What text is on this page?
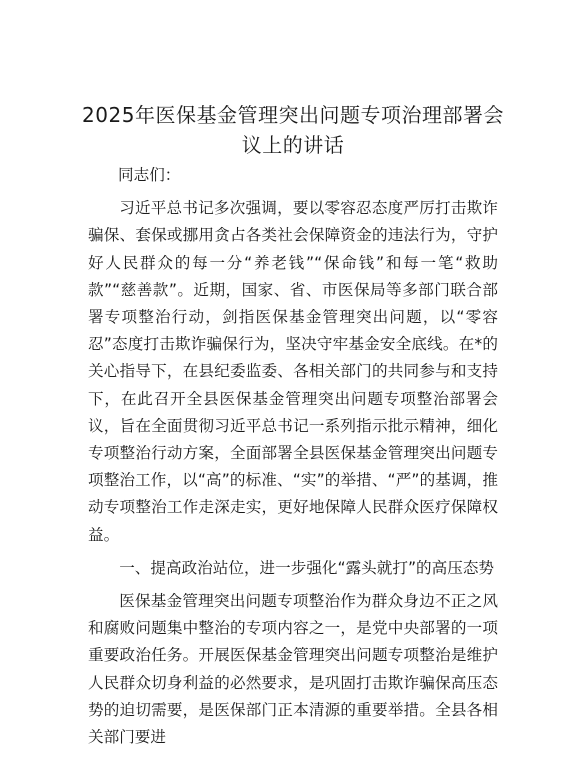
2025年医保基金管理突出问题专项治理部署会议上的讲话

同志们：

习近平总书记多次强调，要以零容忍态度严厉打击欺诈骗保、套保或挪用贪占各类社会保障资金的违法行为，守护好人民群众的每一分“养老钱”“保命钱”和每一笔“救助款”“慈善款”。近期，国家、省、市医保局等多部门联合部署专项整治行动，剑指医保基金管理突出问题，以“零容忍”态度打击欺诈骗保行为，坚决守牢基金安全底线。在*的关心指导下，在县纪委监委、各相关部门的共同参与和支持下，在此召开全县医保基金管理突出问题专项整治部署会议，旨在全面贯彻习近平总书记一系列指示批示精神，细化专项整治行动方案，全面部署全县医保基金管理突出问题专项整治工作，以“高”的标准、“实”的举措、“严”的基调，推动专项整治工作走深走实，更好地保障人民群众医疗保障权益。

一、提高政治站位，进一步强化“露头就打”的高压态势

医保基金管理突出问题专项整治作为群众身边不正之风和腐败问题集中整治的专项内容之一，是党中央部署的一项重要政治任务。开展医保基金管理突出问题专项整治是维护人民群众切身利益的必然要求，是巩固打击欺诈骗保高压态势的迫切需要，是医保部门正本清源的重要举措。全县各相关部门要进
